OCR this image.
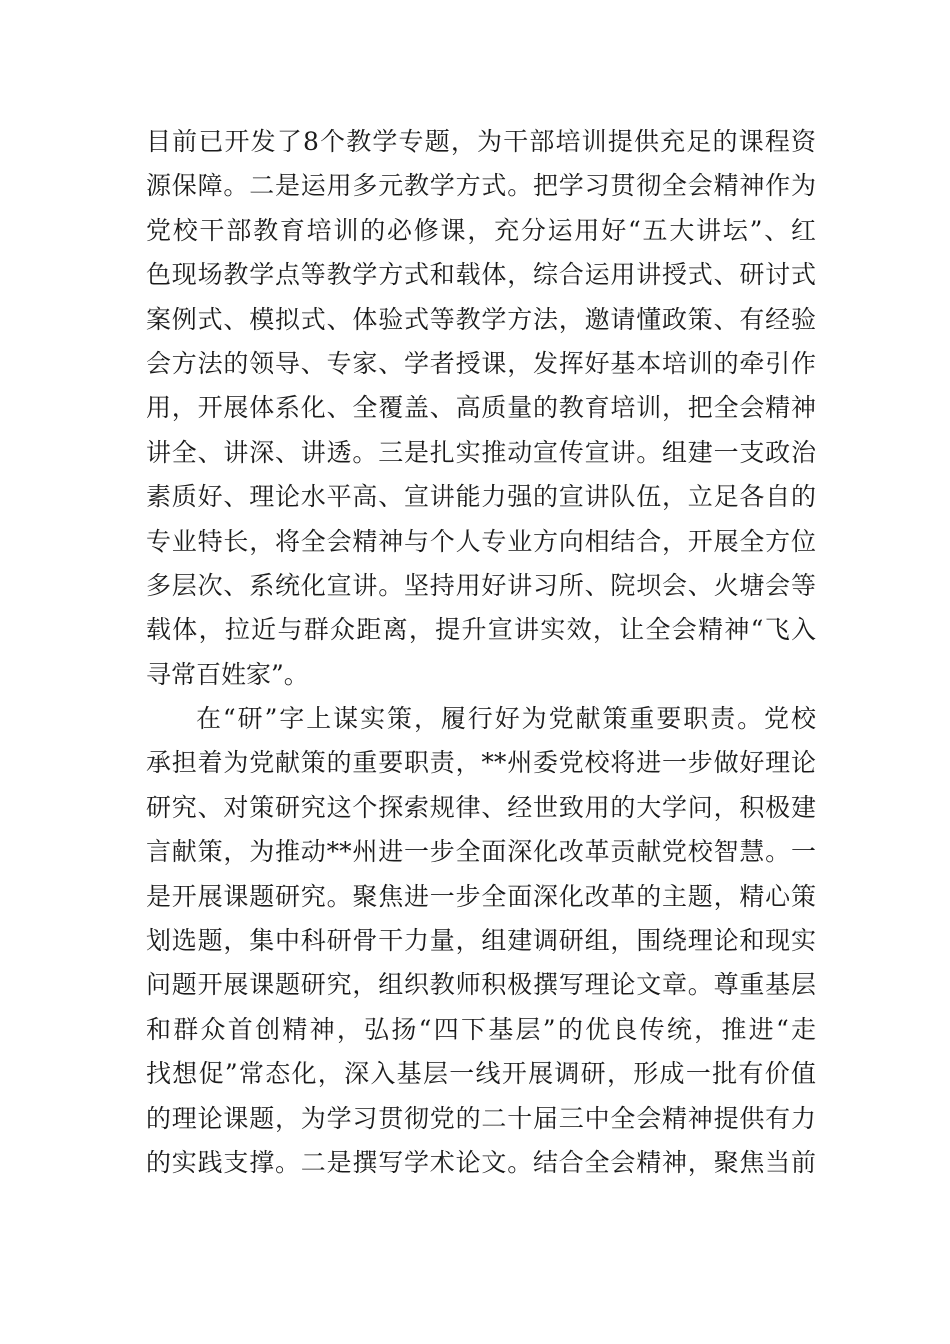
目前已开发了8个教学专题，为干部培训提供充足的课程资
源保障。二是运用多元教学方式。把学习贯彻全会精神作为
党校干部教育培训的必修课，充分运用好“五大讲坛”、红
色现场教学点等教学方式和载体，综合运用讲授式、研讨式
案例式、模拟式、体验式等教学方法，邀请懂政策、有经验
会方法的领导、专家、学者授课，发挥好基本培训的牵引作
用，开展体系化、全覆盖、高质量的教育培训，把全会精神
讲全、讲深、讲透。三是扎实推动宣传宣讲。组建一支政治
素质好、理论水平高、宣讲能力强的宣讲队伍，立足各自的
专业特长，将全会精神与个人专业方向相结合，开展全方位
多层次、系统化宣讲。坚持用好讲习所、院坝会、火塘会等
载体，拉近与群众距离，提升宣讲实效，让全会精神“飞入
寻常百姓家”。
在“研”字上谋实策，履行好为党献策重要职责。党校
承担着为党献策的重要职责，**州委党校将进一步做好理论
研究、对策研究这个探索规律、经世致用的大学问，积极建
言献策，为推动**州进一步全面深化改革贡献党校智慧。一
是开展课题研究。聚焦进一步全面深化改革的主题，精心策
划选题，集中科研骨干力量，组建调研组，围绕理论和现实
问题开展课题研究，组织教师积极撰写理论文章。尊重基层
和群众首创精神，弘扬“四下基层”的优良传统，推进“走
找想促”常态化，深入基层一线开展调研，形成一批有价值
的理论课题，为学习贯彻党的二十届三中全会精神提供有力
的实践支撑。二是撰写学术论文。结合全会精神，聚焦当前
